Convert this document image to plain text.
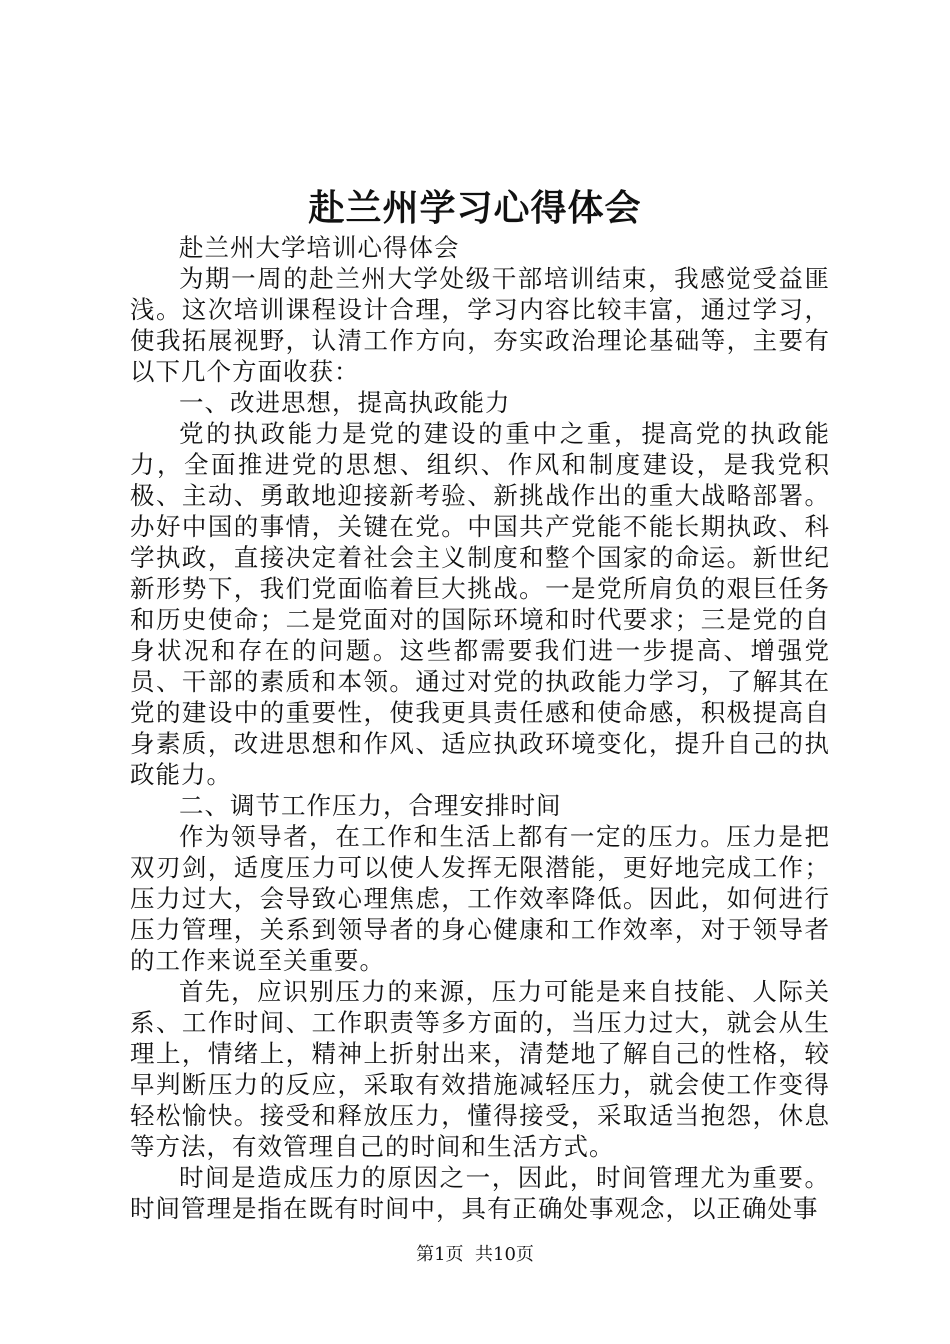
赴兰州学习心得体会

赴兰州大学培训心得体会

为期一周的赴兰州大学处级干部培训结束，我感觉受益匪浅。这次培训课程设计合理，学习内容比较丰富，通过学习，使我拓展视野，认清工作方向，夯实政治理论基础等，主要有以下几个方面收获：

一、改进思想，提高执政能力

党的执政能力是党的建设的重中之重，提高党的执政能力，全面推进党的思想、组织、作风和制度建设，是我党积极、主动、勇敢地迎接新考验、新挑战作出的重大战略部署。办好中国的事情，关键在党。中国共产党能不能长期执政、科学执政，直接决定着社会主义制度和整个国家的命运。新世纪新形势下，我们党面临着巨大挑战。一是党所肩负的艰巨任务和历史使命；二是党面对的国际环境和时代要求；三是党的自身状况和存在的问题。这些都需要我们进一步提高、增强党员、干部的素质和本领。通过对党的执政能力学习，了解其在党的建设中的重要性，使我更具责任感和使命感，积极提高自身素质，改进思想和作风、适应执政环境变化，提升自己的执政能力。

二、调节工作压力，合理安排时间

作为领导者，在工作和生活上都有一定的压力。压力是把双刃剑，适度压力可以使人发挥无限潜能，更好地完成工作；压力过大，会导致心理焦虑，工作效率降低。因此，如何进行压力管理，关系到领导者的身心健康和工作效率，对于领导者的工作来说至关重要。

首先，应识别压力的来源，压力可能是来自技能、人际关系、工作时间、工作职责等多方面的，当压力过大，就会从生理上，情绪上，精神上折射出来，清楚地了解自己的性格，较早判断压力的反应，采取有效措施减轻压力，就会使工作变得轻松愉快。接受和释放压力，懂得接受，采取适当抱怨，休息等方法，有效管理自己的时间和生活方式。

时间是造成压力的原因之一，因此，时间管理尤为重要。时间管理是指在既有时间中，具有正确处事观念，以正确处事

第1页 共10页
